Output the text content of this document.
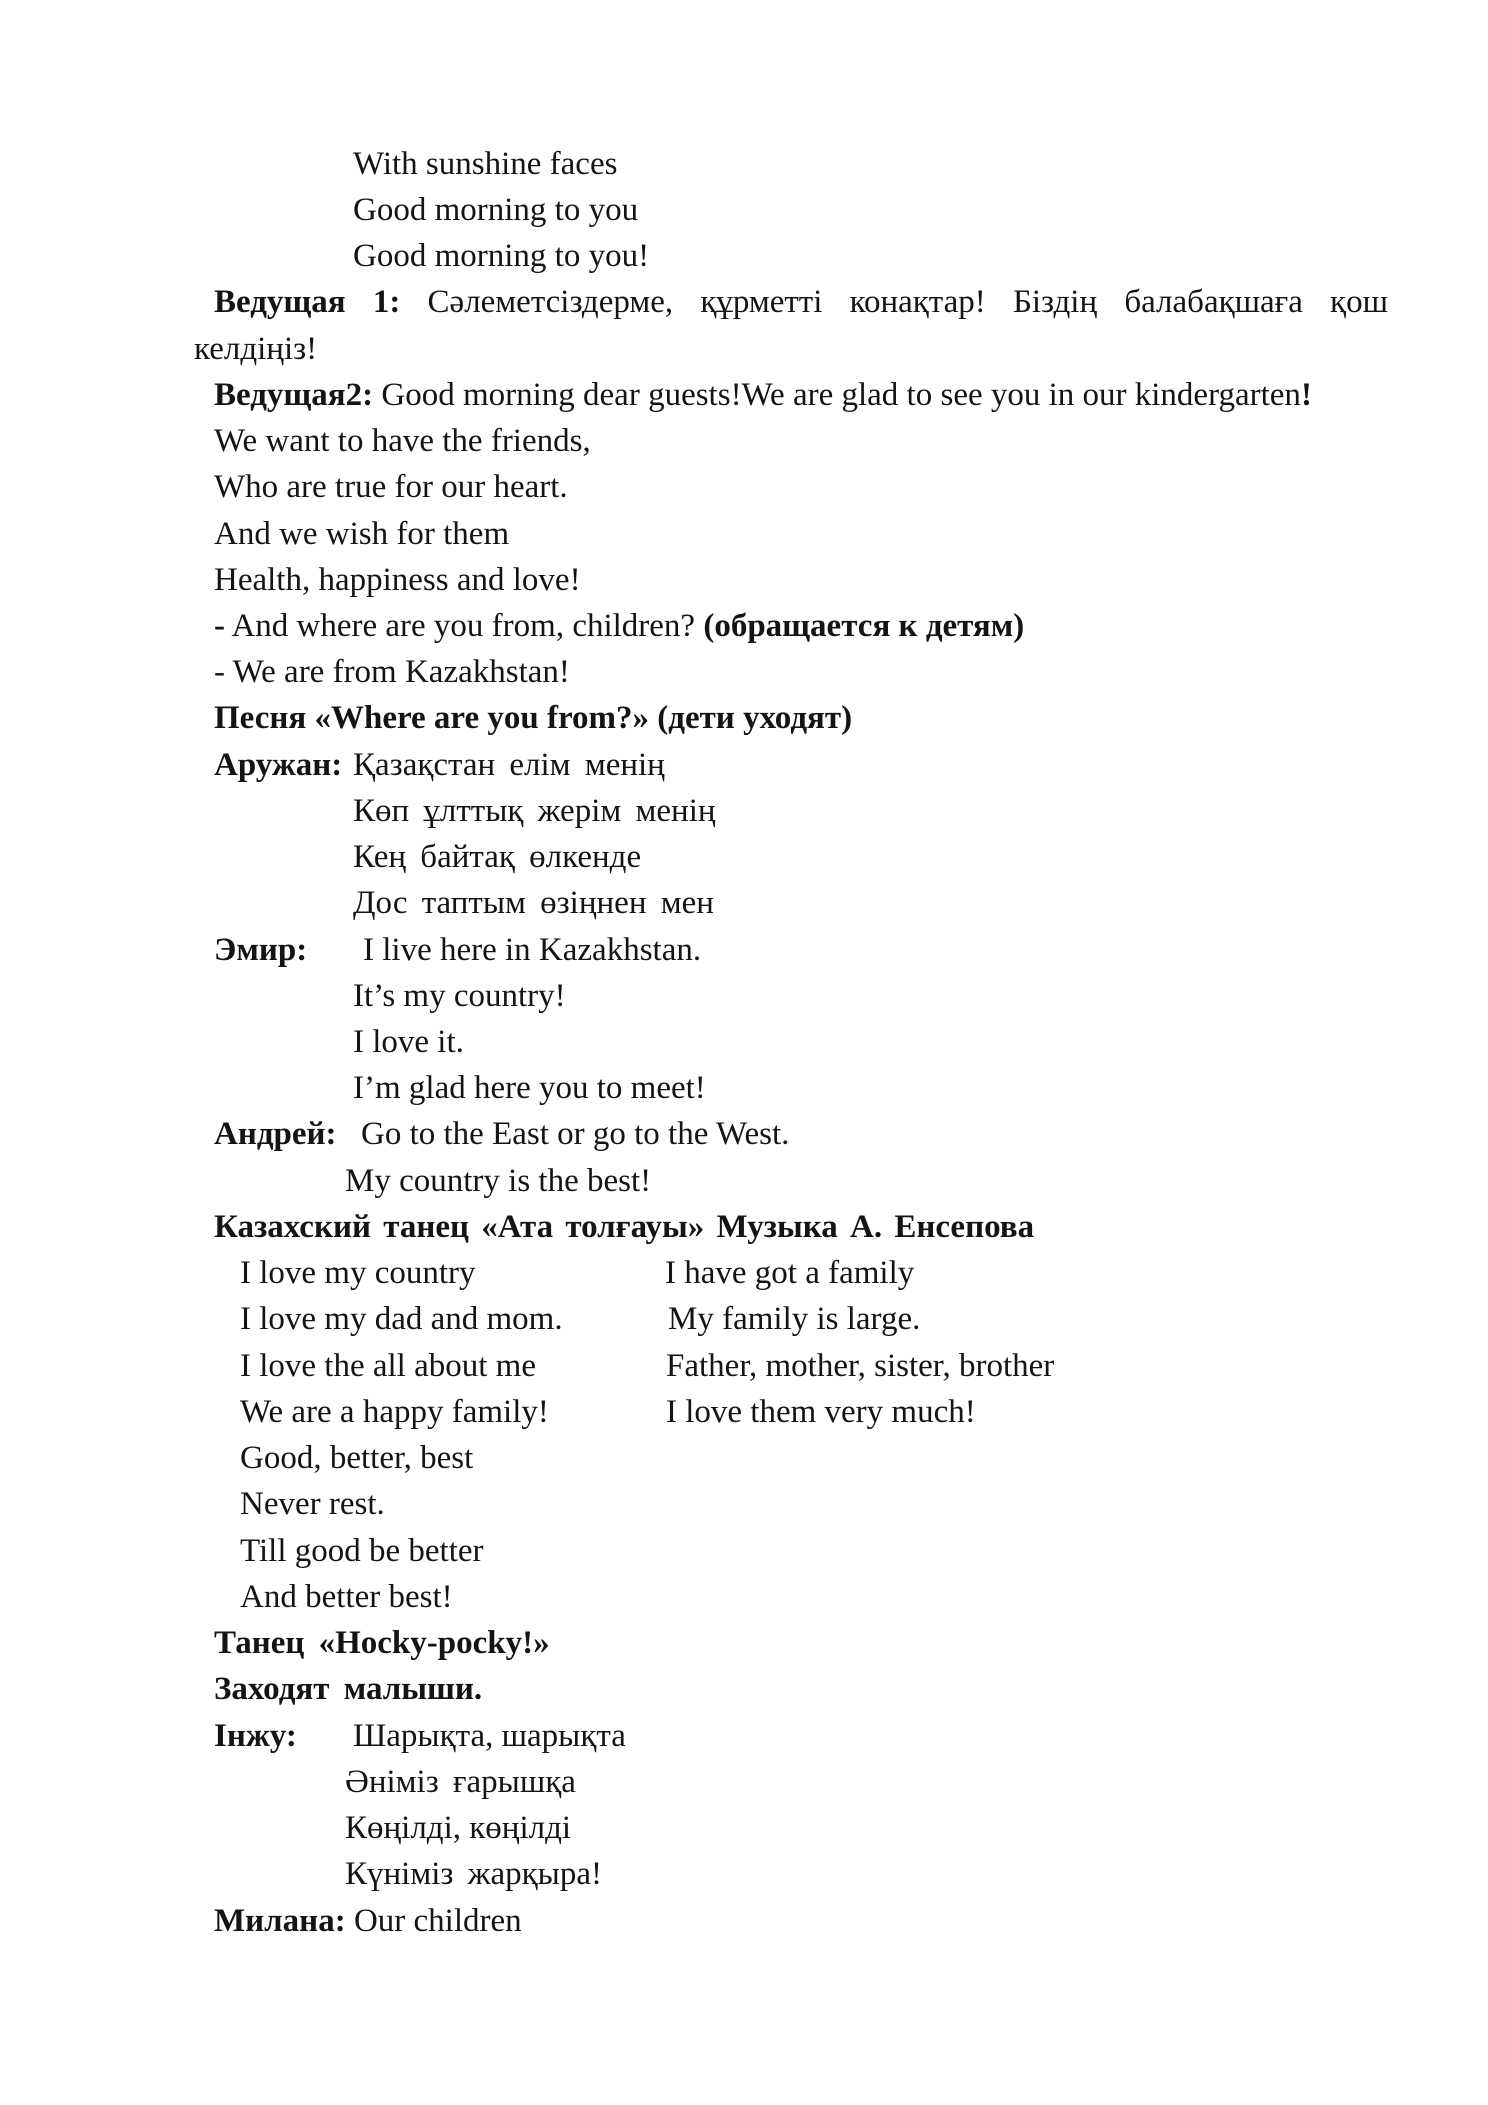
With sunshine faces
Good morning to you
Good morning to you!
Ведущая 1: Сәлеметсіздерме, құрметті конақтар! Біздің балабақшаға қош
келдіңіз!
Ведущая2: Good morning dear guests!We are glad to see you in our kindergarten!
We want to have the friends,
Who are true for our heart.
And we wish for them
Health, happiness and love!
- And where are you from, children? (обращается к детям)
- We are from Kazakhstan!
Песня «Where are you from?» (дети уходят)
Аружан: Қазақстан елім менің
Көп ұлттық жерім менің
Кең байтақ өлкенде
Дос таптым өзіңнен мен
Эмир: I live here in Kazakhstan.
It’s my country!
I love it.
I’m glad here you to meet!
Андрей: Go to the East or go to the West.
My country is the best!
Казахский танец «Ата толғауы» Музыка А. Енсепова
I love my country
I love my dad and mom.
I love the all about me
We are a happy family!
Good, better, best
Never rest.
Till good be better
And better best!
I have got a family
My family is large.
Father, mother, sister, brother
I love them very much!
Танец «Hocky-pocky!»
Заходят малыши.
Інжу: Шарықта, шарықта
Әніміз ғарышқа
Көңілді, көңілді
Күніміз жарқыра!
Милана: Our children
